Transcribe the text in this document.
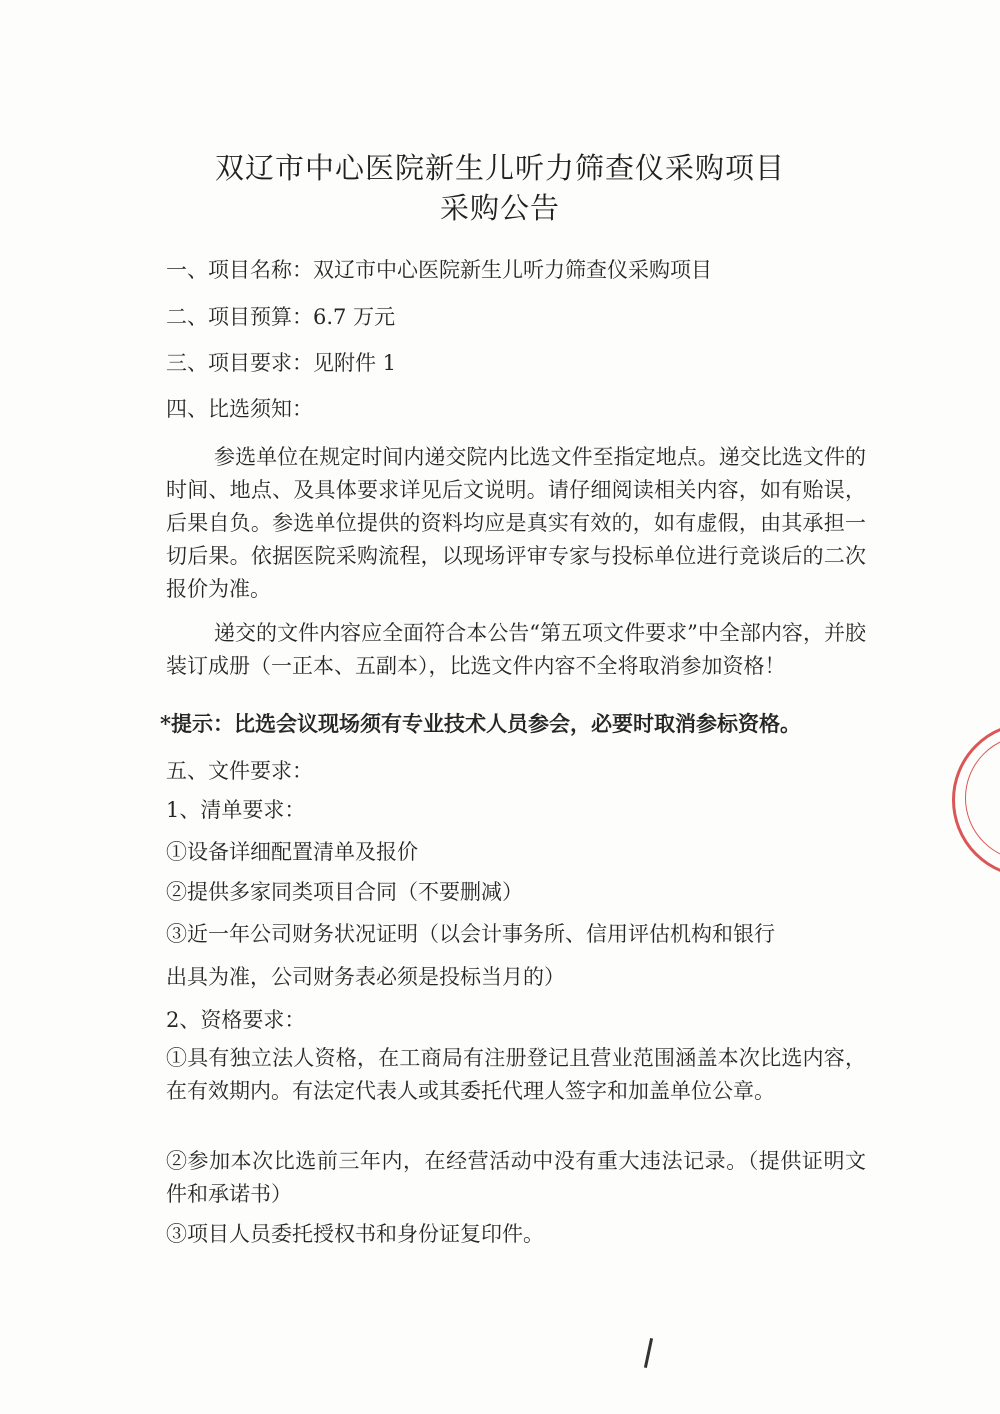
双辽市中心医院新生儿听力筛查仪采购项目
采购公告
一、项目名称：双辽市中心医院新生儿听力筛查仪采购项目
二、项目预算：6.7 万元
三、项目要求：见附件 1
四、比选须知：
参选单位在规定时间内递交院内比选文件至指定地点。递交比选文件的时间、地点、及具体要求详见后文说明。请仔细阅读相关内容，如有贻误，后果自负。参选单位提供的资料均应是真实有效的，如有虚假，由其承担一切后果。依据医院采购流程，以现场评审专家与投标单位进行竞谈后的二次报价为准。
递交的文件内容应全面符合本公告“第五项文件要求”中全部内容，并胶装订成册（一正本、五副本），比选文件内容不全将取消参加资格！
*提示：比选会议现场须有专业技术人员参会，必要时取消参标资格。
五、文件要求：
1、清单要求：
①设备详细配置清单及报价
②提供多家同类项目合同（不要删减）
③近一年公司财务状况证明（以会计事务所、信用评估机构和银行
出具为准，公司财务表必须是投标当月的）
2、资格要求：
①具有独立法人资格，在工商局有注册登记且营业范围涵盖本次比选内容，在有效期内。有法定代表人或其委托代理人签字和加盖单位公章。
②参加本次比选前三年内，在经营活动中没有重大违法记录。（提供证明文件和承诺书）
③项目人员委托授权书和身份证复印件。
